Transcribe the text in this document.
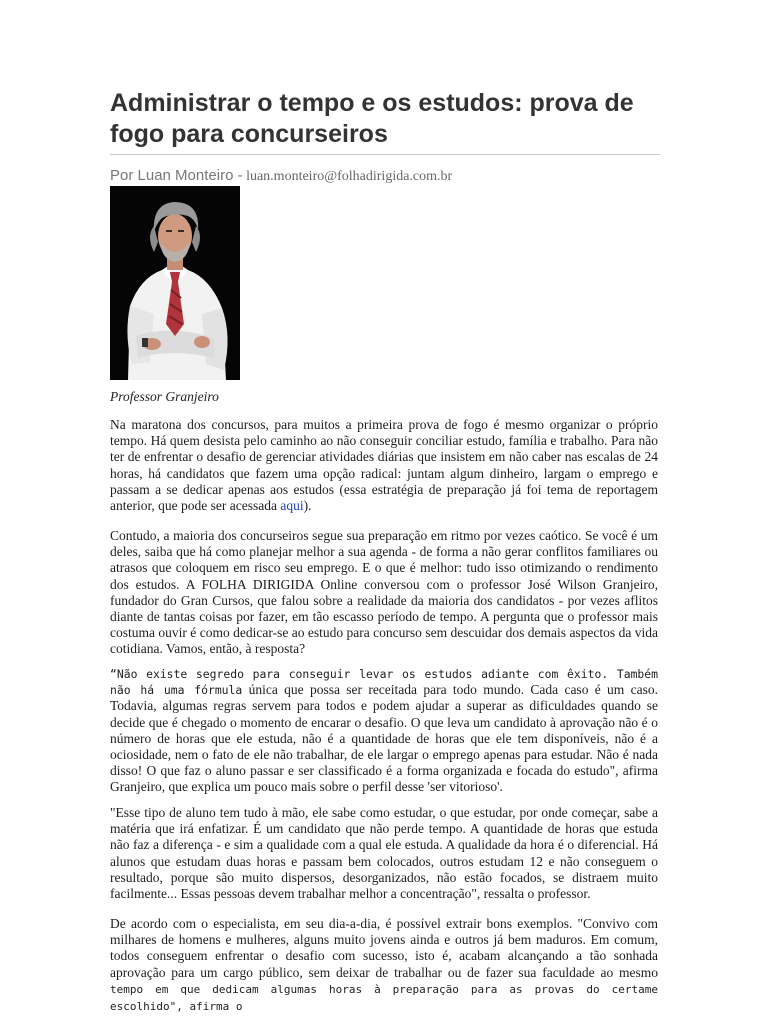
Administrar o tempo e os estudos: prova de fogo para concurseiros
Por Luan Monteiro - luan.monteiro@folhadirigida.com.br
Professor Granjeiro

Na maratona dos concursos, para muitos a primeira prova de fogo é mesmo organizar o próprio tempo. Há quem desista pelo caminho ao não conseguir conciliar estudo, família e trabalho. Para não ter de enfrentar o desafio de gerenciar atividades diárias que insistem em não caber nas escalas de 24 horas, há candidatos que fazem uma opção radical: juntam algum dinheiro, largam o emprego e passam a se dedicar apenas aos estudos (essa estratégia de preparação já foi tema de reportagem anterior, que pode ser acessada aqui).

Contudo, a maioria dos concurseiros segue sua preparação em ritmo por vezes caótico. Se você é um deles, saiba que há como planejar melhor a sua agenda - de forma a não gerar conflitos familiares ou atrasos que coloquem em risco seu emprego. E o que é melhor: tudo isso otimizando o rendimento dos estudos. A FOLHA DIRIGIDA Online conversou com o professor José Wilson Granjeiro, fundador do Gran Cursos, que falou sobre a realidade da maioria dos candidatos - por vezes aflitos diante de tantas coisas por fazer, em tão escasso período de tempo. A pergunta que o professor mais costuma ouvir é como dedicar-se ao estudo para concurso sem descuidar dos demais aspectos da vida cotidiana. Vamos, então, à resposta?

“Não existe segredo para conseguir levar os estudos adiante com êxito. Também não há uma fórmula única que possa ser receitada para todo mundo. Cada caso é um caso. Todavia, algumas regras servem para todos e podem ajudar a superar as dificuldades quando se decide que é chegado o momento de encarar o desafio. O que leva um candidato à aprovação não é o número de horas que ele estuda, não é a quantidade de horas que ele tem disponíveis, não é a ociosidade, nem o fato de ele não trabalhar, de ele largar o emprego apenas para estudar. Não é nada disso! O que faz o aluno passar e ser classificado é a forma organizada e focada do estudo", afirma Granjeiro, que explica um pouco mais sobre o perfil desse 'ser vitorioso'.

"Esse tipo de aluno tem tudo à mão, ele sabe como estudar, o que estudar, por onde começar, sabe a matéria que irá enfatizar. É um candidato que não perde tempo. A quantidade de horas que estuda não faz a diferença - e sim a qualidade com a qual ele estuda. A qualidade da hora é o diferencial. Há alunos que estudam duas horas e passam bem colocados, outros estudam 12 e não conseguem o resultado, porque são muito dispersos, desorganizados, não estão focados, se distraem muito facilmente... Essas pessoas devem trabalhar melhor a concentração", ressalta o professor.

De acordo com o especialista, em seu dia-a-dia, é possível extrair bons exemplos. "Convivo com milhares de homens e mulheres, alguns muito jovens ainda e outros já bem maduros. Em comum, todos conseguem enfrentar o desafio com sucesso, isto é, acabam alcançando a tão sonhada aprovação para um cargo público, sem deixar de trabalhar ou de fazer sua faculdade ao mesmo tempo em que dedicam algumas horas à preparação para as provas do certame escolhido", afirma o
